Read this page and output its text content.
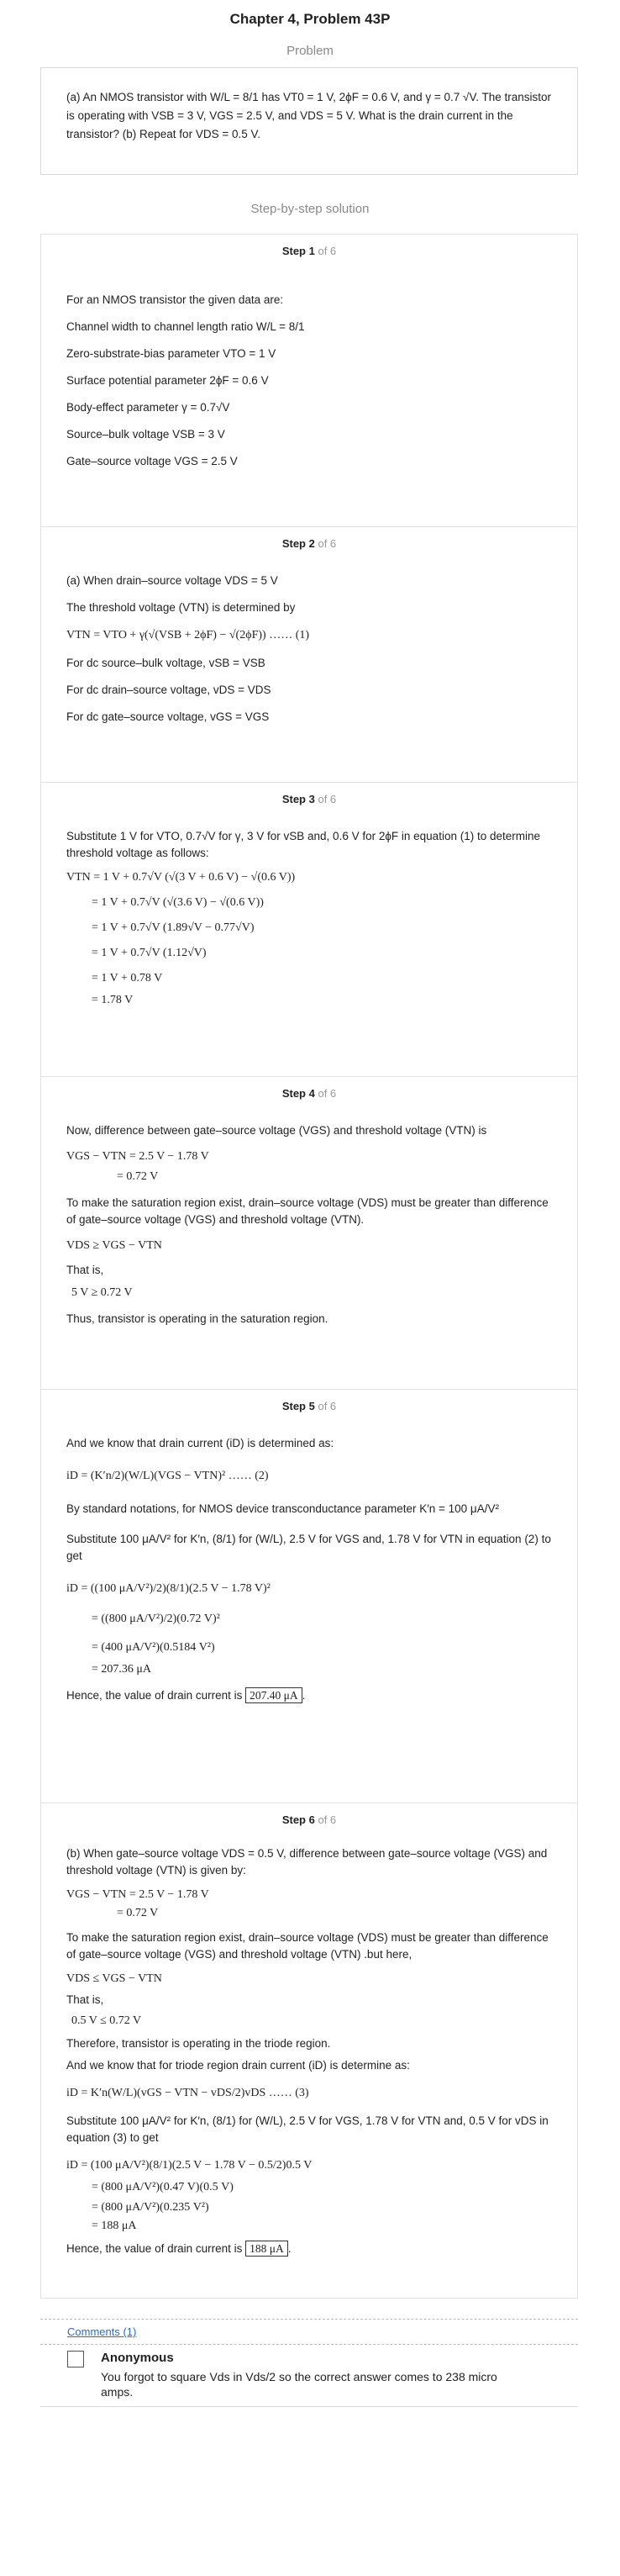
Chapter 4, Problem 43P
Problem
(a) An NMOS transistor with W/L = 8/1 has VT0 = 1 V, 2ϕF = 0.6 V, and γ = 0.7 √V. The transistor is operating with VSB = 3 V, VGS = 2.5 V, and VDS = 5 V. What is the drain current in the transistor? (b) Repeat for VDS = 0.5 V.
Step-by-step solution
Step 1 of 6
For an NMOS transistor the given data are:
Channel width to channel length ratio W/L = 8/1
Zero-substrate-bias parameter VTO = 1 V
Surface potential parameter 2ϕF = 0.6 V
Body-effect parameter γ = 0.7√V
Source–bulk voltage VSB = 3 V
Gate–source voltage VGS = 2.5 V
Step 2 of 6
(a) When drain–source voltage VDS = 5 V
The threshold voltage (VTN) is determined by
VTN = VTO + γ(√(VSB + 2ϕF) − √(2ϕF)) …… (1)
For dc source–bulk voltage, vSB = VSB
For dc drain–source voltage, vDS = VDS
For dc gate–source voltage, vGS = VGS
Step 3 of 6
Substitute 1 V for VTO, 0.7√V for γ, 3 V for vSB and, 0.6 V for 2ϕF in equation (1) to determine threshold voltage as follows:
VTN = 1 V + 0.7√V (√(3 V + 0.6 V) − √(0.6 V))
= 1 V + 0.7√V (√(3.6 V) − √(0.6 V))
= 1 V + 0.7√V (1.89√V − 0.77√V)
= 1 V + 0.7√V (1.12√V)
= 1 V + 0.78 V
= 1.78 V
Step 4 of 6
Now, difference between gate–source voltage (VGS) and threshold voltage (VTN) is
VGS − VTN = 2.5 V − 1.78 V
= 0.72 V
To make the saturation region exist, drain–source voltage (VDS) must be greater than difference of gate–source voltage (VGS) and threshold voltage (VTN).
VDS ≥ VGS − VTN
That is,
5 V ≥ 0.72 V
Thus, transistor is operating in the saturation region.
Step 5 of 6
And we know that drain current (iD) is determined as:
iD = (K′n/2)(W/L)(VGS − VTN)² …… (2)
By standard notations, for NMOS device transconductance parameter K′n = 100 μA/V²
Substitute 100 μA/V² for K′n, (8/1) for (W/L), 2.5 V for VGS and, 1.78 V for VTN in equation (2) to get
iD = ((100 μA/V²)/2)(8/1)(2.5 V − 1.78 V)²
= ((800 μA/V²)/2)(0.72 V)²
= (400 μA/V²)(0.5184 V²)
= 207.36 μA
Hence, the value of drain current is 207.40 μA .
Step 6 of 6
(b) When gate–source voltage VDS = 0.5 V, difference between gate–source voltage (VGS) and threshold voltage (VTN) is given by:
VGS − VTN = 2.5 V − 1.78 V
= 0.72 V
To make the saturation region exist, drain–source voltage (VDS) must be greater than difference of gate–source voltage (VGS) and threshold voltage (VTN) .but here,
VDS ≤ VGS − VTN
That is,
0.5 V ≤ 0.72 V
Therefore, transistor is operating in the triode region.
And we know that for triode region drain current (iD) is determine as:
iD = K′n(W/L)(vGS − VTN − vDS/2)vDS …… (3)
Substitute 100 μA/V² for K′n, (8/1) for (W/L), 2.5 V for VGS, 1.78 V for VTN and, 0.5 V for vDS in equation (3) to get
iD = (100 μA/V²)(8/1)(2.5 V − 1.78 V − 0.5/2)0.5 V
= (800 μA/V²)(0.47 V)(0.5 V)
= (800 μA/V²)(0.235 V²)
= 188 μA
Hence, the value of drain current is 188 μA .
Comments (1)
Anonymous
You forgot to square Vds in Vds/2 so the correct answer comes to 238 micro amps.
